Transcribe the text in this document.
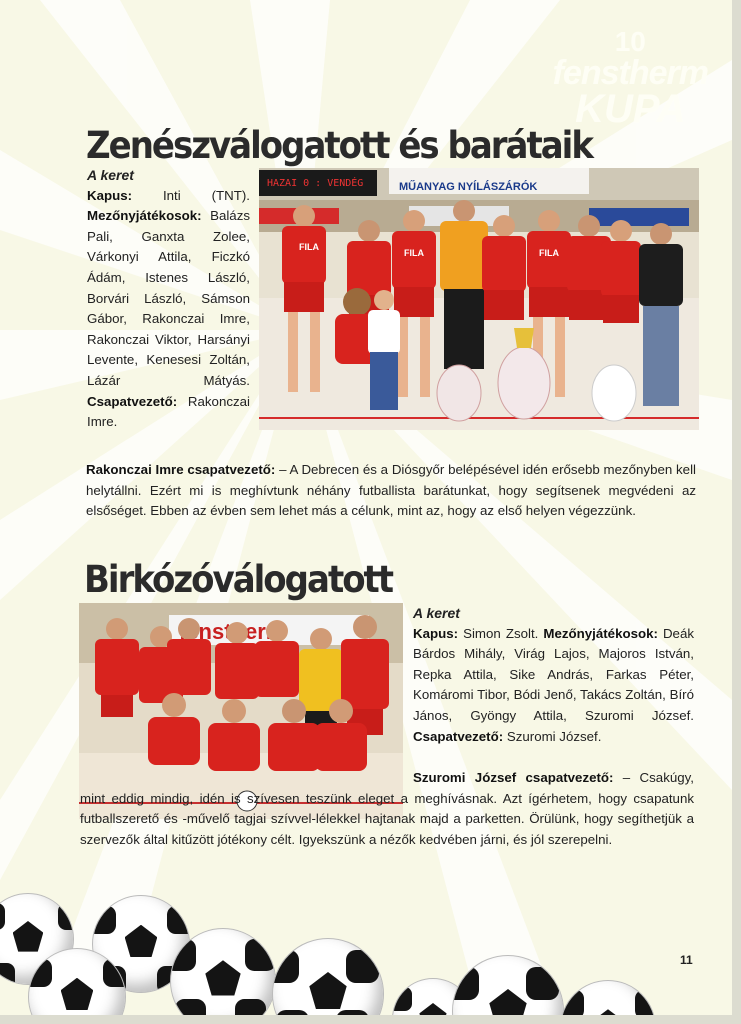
10
fenstherm
KUPA
Zenészválogatott és barátaik

A keret
Kapus: Inti (TNT). Mezőnyjátékosok: Balázs Pali, Ganxta Zolee, Várkonyi Attila, Ficzkó Ádám, Istenes László, Borvári László, Sámson Gábor, Rakonczai Imre, Rakonczai Viktor, Harsányi Levente, Kenesesi Zoltán, Lázár Mátyás. Csapatvezető: Rakonczai Imre.

HAZAI 0 : VENDÉG	MŰANYAG NYÍLÁSZÁRÓK
FILA
FILA	FILA

Rakonczai Imre csapatvezető: – A Debrecen és a Diósgyőr belépésével idén erősebb mezőnyben kell helytállni. Ezért mi is meghívtunk néhány futballista barátunkat, hogy segítsenek megvédeni az elsőséget. Ebben az évben sem lehet más a célunk, mint az, hogy az első helyen végezzünk.

Birkózóválogatott

A keret
Kapus: Simon Zsolt. Mezőnyjátékosok: Deák Bárdos Mihály, Virág Lajos, Majoros István, Repka Attila, Sike András, Farkas Péter, Komáromi Tibor, Bódi Jenő, Takács Zoltán, Bíró János, Gyöngy Attila, Szuromi József. Csapatvezető: Szuromi József.

Szuromi József csapatvezető: – Csakúgy, mint eddig mindig, idén is szívesen teszünk eleget a meghívásnak. Azt ígérhetem, hogy csapatunk futballszerető és -művelő tagjai szívvel-lélekkel hajtanak majd a parketten. Örülünk, hogy segíthetjük a szervezők által kitűzött jótékony célt. Igyekszünk a nézők kedvében járni, és jól szerepelni.

11
